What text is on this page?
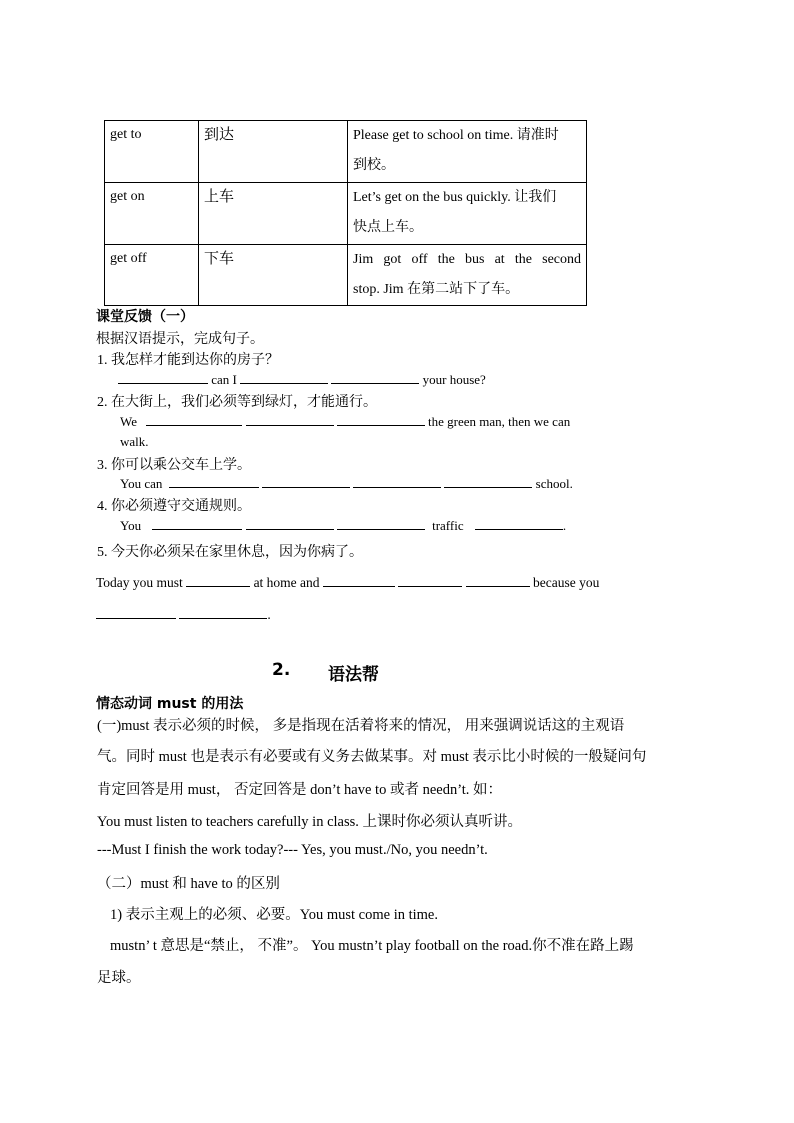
get to	到达	Please get to school on time. 请准时
到校。

get on	上车	Let’s get on the bus quickly. 让我们
快点上车。

get off	下车	Jim got off the bus at the second
stop. Jim 在第二站下了车。
课堂反馈（一）
根据汉语提示，完成句子。
1. 我怎样才能到达你的房子？
can I	your house?
2. 在大街上，我们必须等到绿灯，才能通行。
We	the green man, then we can
walk.
3. 你可以乘公交车上学。
You can	school.
4. 你必须遵守交通规则。
You	traffic	.
5. 今天你必须呆在家里休息，因为你病了。
Today you must	at home and	because you
.
2. 语法帮
情态动词 must 的用法
(一)must 表示必须的时候， 多是指现在活着将来的情况， 用来强调说话这的主观语
气。同时 must 也是表示有必要或有义务去做某事。对 must 表示比小时候的一般疑问句
肯定回答是用 must， 否定回答是 don’t have to 或者 needn’t. 如：
You must listen to teachers carefully in class. 上课时你必须认真听讲。
---Must I finish the work today?--- Yes, you must./No, you needn’t.
（二）must 和 have to 的区别
1) 表示主观上的必须、必要。You must come in time.
mustn’ t 意思是“禁止， 不准”。 You mustn’t play football on the road.你不准在路上踢
足球。
